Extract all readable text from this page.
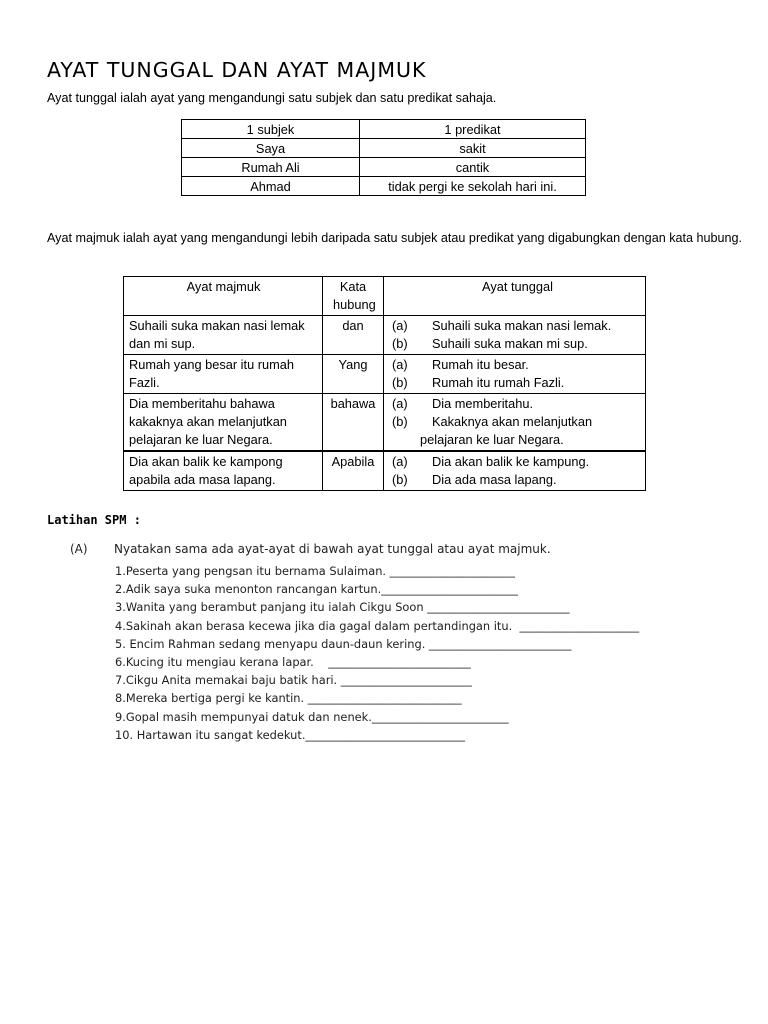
AYAT TUNGGAL DAN AYAT MAJMUK
Ayat tunggal ialah ayat yang mengandungi satu subjek dan satu predikat sahaja.
1 subjek	1 predikat
Saya	sakit
Rumah Ali	cantik
Ahmad	tidak pergi ke sekolah hari ini.
Ayat majmuk ialah ayat yang mengandungi lebih daripada satu subjek atau predikat yang digabungkan dengan kata hubung.
Ayat majmuk	Kata hubung	Ayat tunggal
Suhaili suka makan nasi lemak dan mi sup.	dan	(a) Suhaili suka makan nasi lemak.
(b) Suhaili suka makan mi sup.

Rumah yang besar itu rumah Fazli.	Yang	(a) Rumah itu besar.
(b) Rumah itu rumah Fazli.

Dia memberitahu bahawa kakaknya akan melanjutkan pelajaran ke luar Negara.	bahawa	(a) Dia memberitahu.
(b) Kakaknya akan melanjutkan
pelajaran ke luar Negara.

Dia akan balik ke kampong apabila ada masa lapang.	Apabila	(a) Dia akan balik ke kampung.
(b) Dia ada masa lapang.
Latihan SPM :
(A) Nyatakan sama ada ayat-ayat di bawah ayat tunggal atau ayat majmuk.
1.Peserta yang pengsan itu bernama Sulaiman. ______________________
2.Adik saya suka menonton rancangan kartun.________________________
3.Wanita yang berambut panjang itu ialah Cikgu Soon _________________________
4.Sakinah akan berasa kecewa jika dia gagal dalam pertandingan itu.  _____________________
5. Encim Rahman sedang menyapu daun-daun kering. _________________________
6.Kucing itu mengiau kerana lapar.    _________________________
7.Cikgu Anita memakai baju batik hari. _______________________
8.Mereka bertiga pergi ke kantin. ___________________________
9.Gopal masih mempunyai datuk dan nenek.________________________
10. Hartawan itu sangat kedekut.____________________________
